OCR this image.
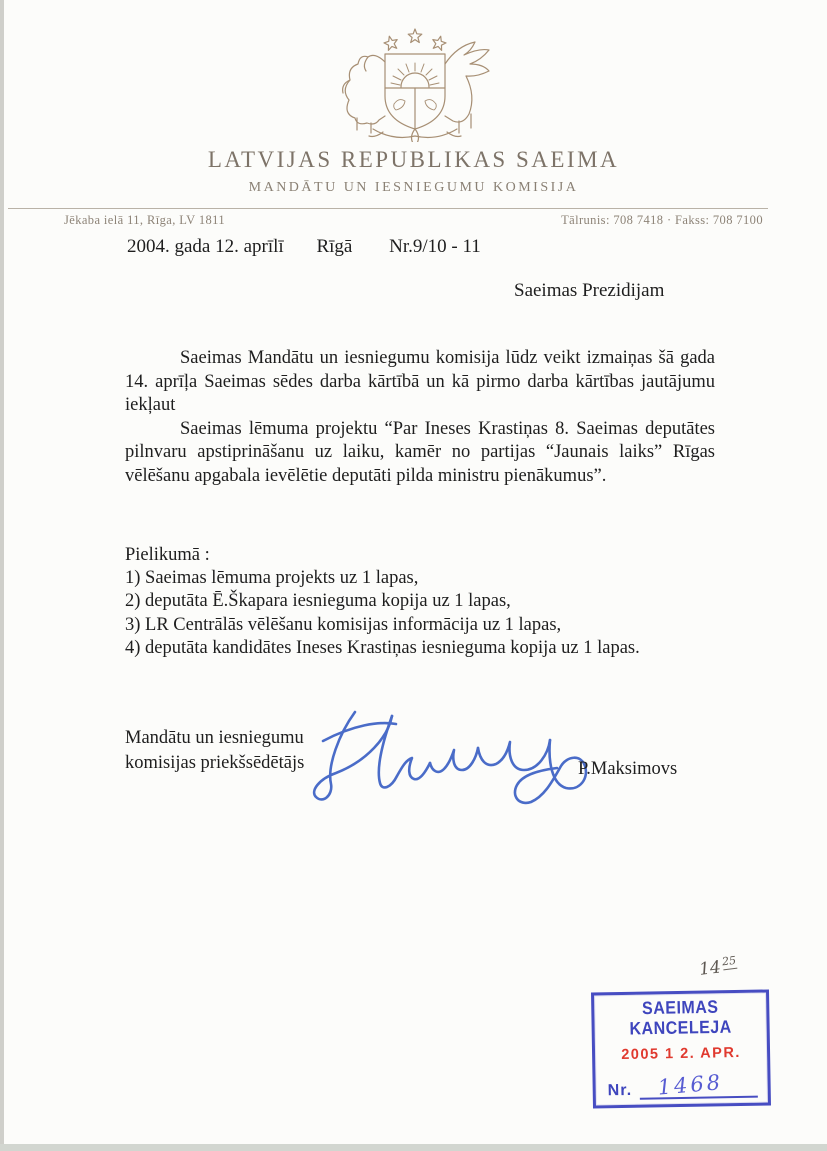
LATVIJAS REPUBLIKAS SAEIMA
MANDĀTU UN IESNIEGUMU KOMISIJA
Jēkaba ielā 11, Rīga, LV 1811	Tālrunis: 708 7418 · Fakss: 708 7100
2004. gada 12. aprīlī Rīgā Nr.9/10 - 11
Saeimas Prezidijam

Saeimas Mandātu un iesniegumu komisija lūdz veikt izmaiņas šā gada 14. aprīļa Saeimas sēdes darba kārtībā un kā pirmo darba kārtības jautājumu iekļaut

Saeimas lēmuma projektu “Par Ineses Krastiņas 8. Saeimas deputātes pilnvaru apstiprināšanu uz laiku, kamēr no partijas “Jaunais laiks” Rīgas vēlēšanu apgabala ievēlētie deputāti pilda ministru pienākumus”.

Pielikumā :
1) Saeimas lēmuma projekts uz 1 lapas,
2) deputāta Ē.Škapara iesnieguma kopija uz 1 lapas,
3) LR Centrālās vēlēšanu komisijas informācija uz 1 lapas,
4) deputāta kandidātes Ineses Krastiņas iesnieguma kopija uz 1 lapas.
Mandātu un iesniegumu
komisijas priekšsēdētājs	P.Maksimovs
$14^{25}$
SAEIMAS KANCELEJA
2005 1 2. APR.
Nr. 1468
